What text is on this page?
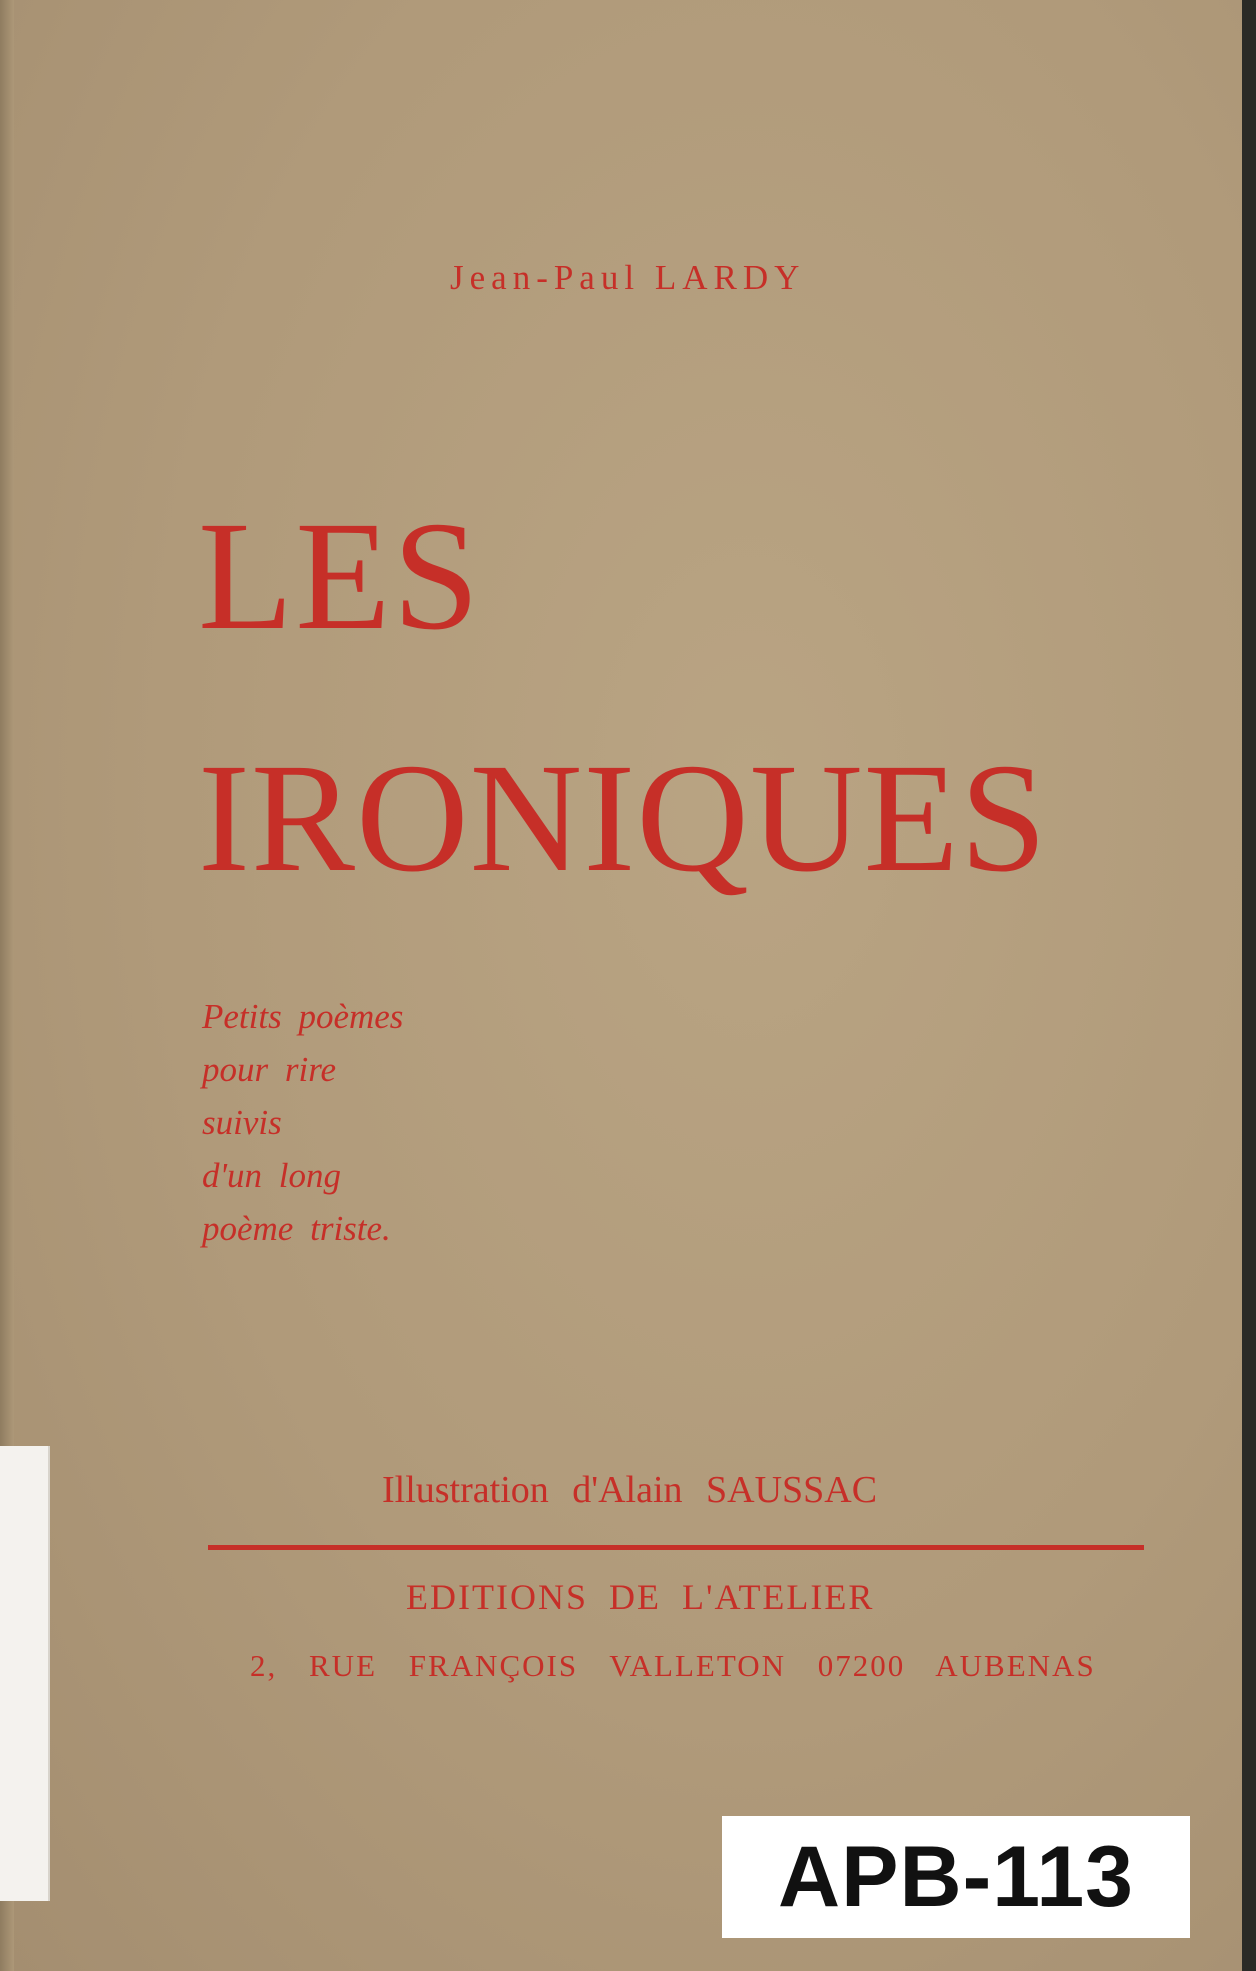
Jean-Paul LARDY

LES
IRONIQUES
Petits poèmes
pour rire
suivis
d'un long
poème triste.
Illustration d'Alain SAUSSAC
EDITIONS DE L'ATELIER
2, RUE FRANÇOIS VALLETON 07200 AUBENAS
APB-113
